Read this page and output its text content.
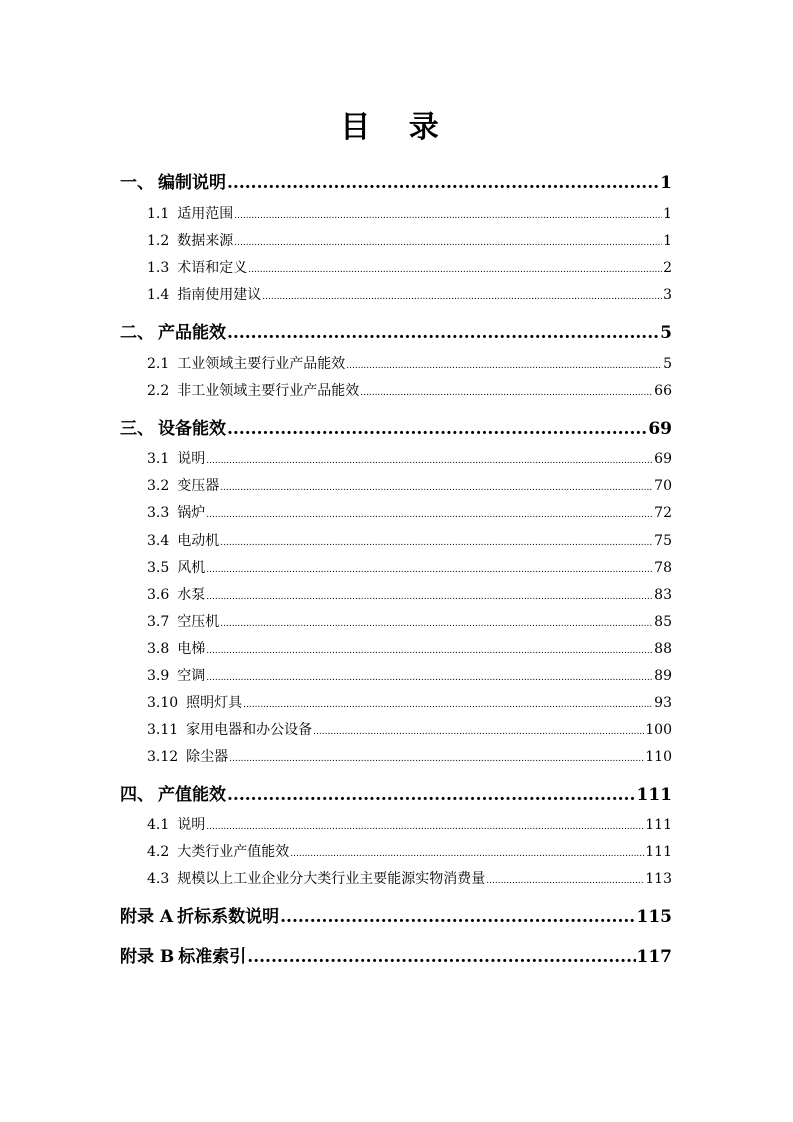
目 录
一、 编制说明 .....	1
1.1 适用范围 .....	1
1.2 数据来源 .....	1
1.3 术语和定义 .....	2
1.4 指南使用建议 .....	3
二、 产品能效 .....	5
2.1 工业领域主要行业产品能效 .....	5
2.2 非工业领域主要行业产品能效 .....	66
三、 设备能效 .....	69
3.1 说明 .....	69
3.2 变压器 .....	70
3.3 锅炉 .....	72
3.4 电动机 .....	75
3.5 风机 .....	78
3.6 水泵 .....	83
3.7 空压机 .....	85
3.8 电梯 .....	88
3.9 空调 .....	89
3.10 照明灯具 .....	93
3.11 家用电器和办公设备 .....	100
3.12 除尘器 .....	110
四、 产值能效 .....	111
4.1 说明 .....	111
4.2 大类行业产值能效 .....	111
4.3 规模以上工业企业分大类行业主要能源实物消费量 .....	113
附录 A 折标系数说明 .....	115
附录 B 标准索引 .....	117
